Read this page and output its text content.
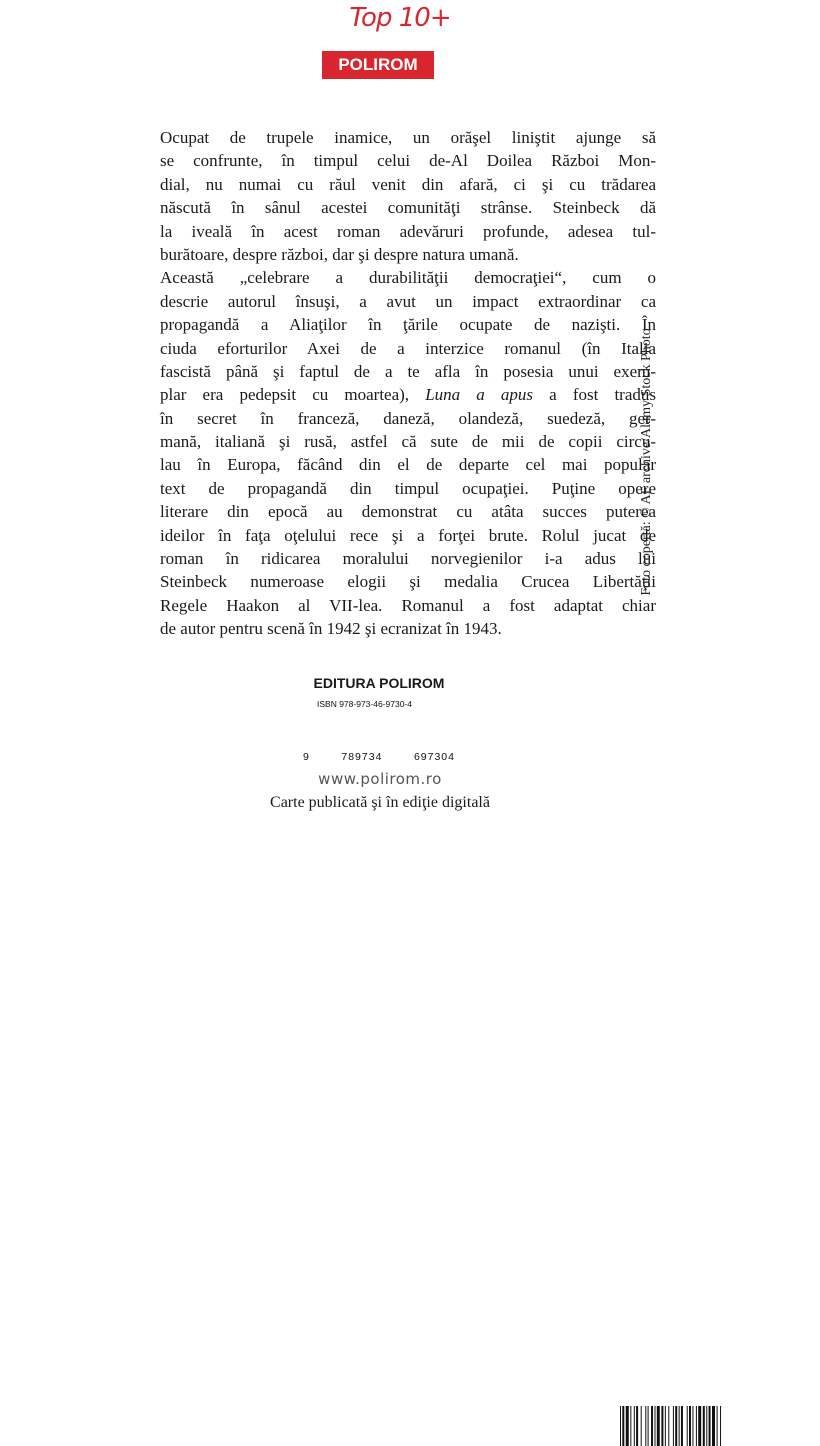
Top 10+
POLIROM
Ocupat de trupele inamice, un orăşel liniştit ajunge să
se confrunte, în timpul celui de-Al Doilea Război Mon-
dial, nu numai cu răul venit din afară, ci şi cu trădarea
născută în sânul acestei comunităţi strânse. Steinbeck dă
la iveală în acest roman adevăruri profunde, adesea tul-
burătoare, despre război, dar şi despre natura umană.
Această „celebrare a durabilităţii democraţiei“, cum o
descrie autorul însuşi, a avut un impact extraordinar ca
propagandă a Aliaţilor în ţările ocupate de nazişti. În
ciuda eforturilor Axei de a interzice romanul (în Italia
fascistă până şi faptul de a te afla în posesia unui exem-
plar era pedepsit cu moartea), Luna a apus a fost tradus
în secret în franceză, daneză, olandeză, suedeză, ger-
mană, italiană şi rusă, astfel că sute de mii de copii circu-
lau în Europa, făcând din el de departe cel mai popular
text de propagandă din timpul ocupaţiei. Puţine opere
literare din epocă au demonstrat cu atâta succes puterea
ideilor în faţa oţelului rece şi a forţei brute. Rolul jucat de
roman în ridicarea moralului norvegienilor i-a adus lui
Steinbeck numeroase elogii şi medalia Crucea Libertăţii
Regele Haakon al VII-lea. Romanul a fost adaptat chiar
de autor pentru scenă în 1942 şi ecranizat în 1943.
EDITURA POLIROM
ISBN 978-973-46-9730-4
9	789734	697304
www.polirom.ro
Carte publicată şi în ediţie digitală
Foto copertă: © AF archive/Alamy Stock Photo
